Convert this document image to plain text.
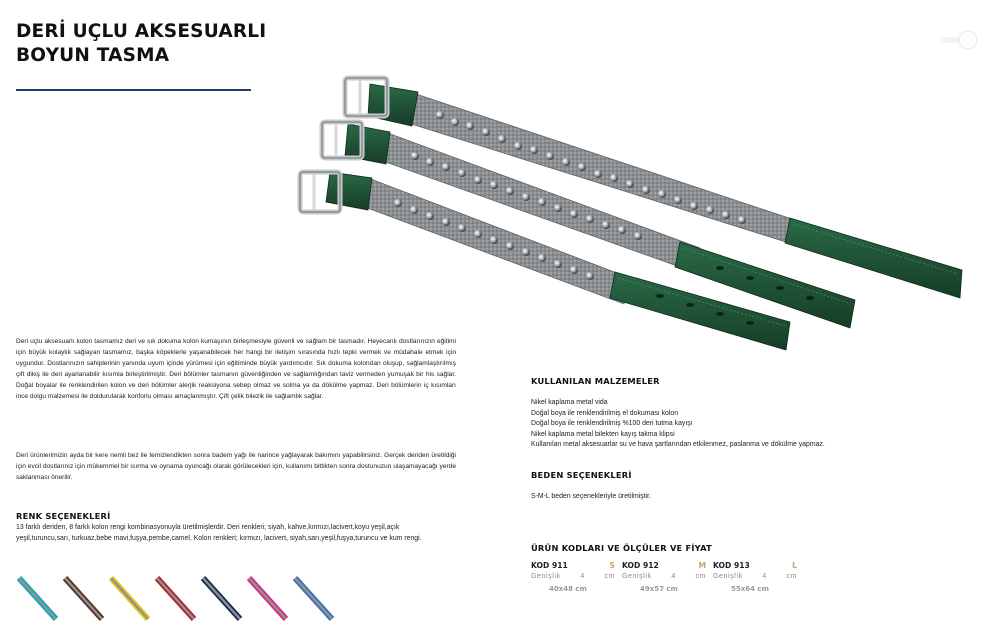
DERİ UÇLU AKSESUARLI
BOYUN TASMA
Deri uçlu aksesuarlı kolon tasmamız deri ve sık dokuma kolon kumaşının birleşmesiyle güvenli ve sağlam bir tasmadır. Heyecanlı dostlarınızın eğitimi için büyük kolaylık sağlayan tasmamız, başka köpeklerle yaşanabilecek her hangi bir iletişim sırasında hızlı tepki vermek ve müdahale etmek için uygundur. Dostlarınızın sahiplerinin yanında uyum içinde yürümesi için eğitiminde büyük yardımcıdır. Sık dokuma kolondan oluşup, sağlamlaştırılmış çift dikiş ile deri ayarlanabilir kısımla birleştirilmiştir. Deri bölümler tasmanın güvenliğinden ve sağlamlığından taviz vermeden yumuşak bir his sağlar. Doğal boyalar ile renklendirilen kolon ve deri bölümler alerjik reaksiyona sebep olmaz ve solma ya da dökülme yapmaz. Deri bölümlerin iç kısımları ince dolgu malzemesi ile doldurularak konforlu olması amaçlanmıştır. Çift çelik bilezik ile sağlamlık sağlar.
Deri ürünlerimizin ayda bir kere nemli bez ile temizlendikten sonra badem yağı ile narince yağlayarak bakımını yapabilirsiniz. Gerçek deriden üretildiği için evcil dostlarınız için mükemmel bir ısırma ve oynama oyuncağı olarak görülecekleri için, kullanımı bittikten sonra dostunuzun ulaşamayacağı yerde saklanması önerilir.
RENK SEÇENEKLERİ
13 farklı deriden, 8 farklı kolon rengi kombinasyonuyla üretilmişlerdir. Deri renkleri; siyah, kahve,kırmızı,lacivert,koyu yeşil,açık yeşil,turuncu,sarı, turkuaz,bebe mavi,fuşya,pembe,camel, Kolon renkleri; kırmızı, lacivert, siyah,sarı,yeşil,fuşya,turuncu ve kum rengi.
KULLANILAN MALZEMELER
Nikel kaplama metal vida
Doğal boya ile renklendirilmiş el dokuması kolon
Doğal boya ile renklendirilmiş %100 deri tutma kayışı
Nikel kaplama metal bilekten kayış takma klipsi
Kullanılan metal aksesuarlar su ve hava şartlarından etkilenmez, paslanma ve dökülme yapmaz.
BEDEN SEÇENEKLERİ
S-M-L beden seçenekleriyle üretilmiştir.
ÜRÜN KODLARI VE ÖLÇÜLER VE FİYAT
KOD 911	S
Genişlik	4	cm
40x48 cm
KOD 912	M
Genişlik	4	cm
49x57 cm
KOD 913	L
Genişlik	4	cm
55x64 cm
